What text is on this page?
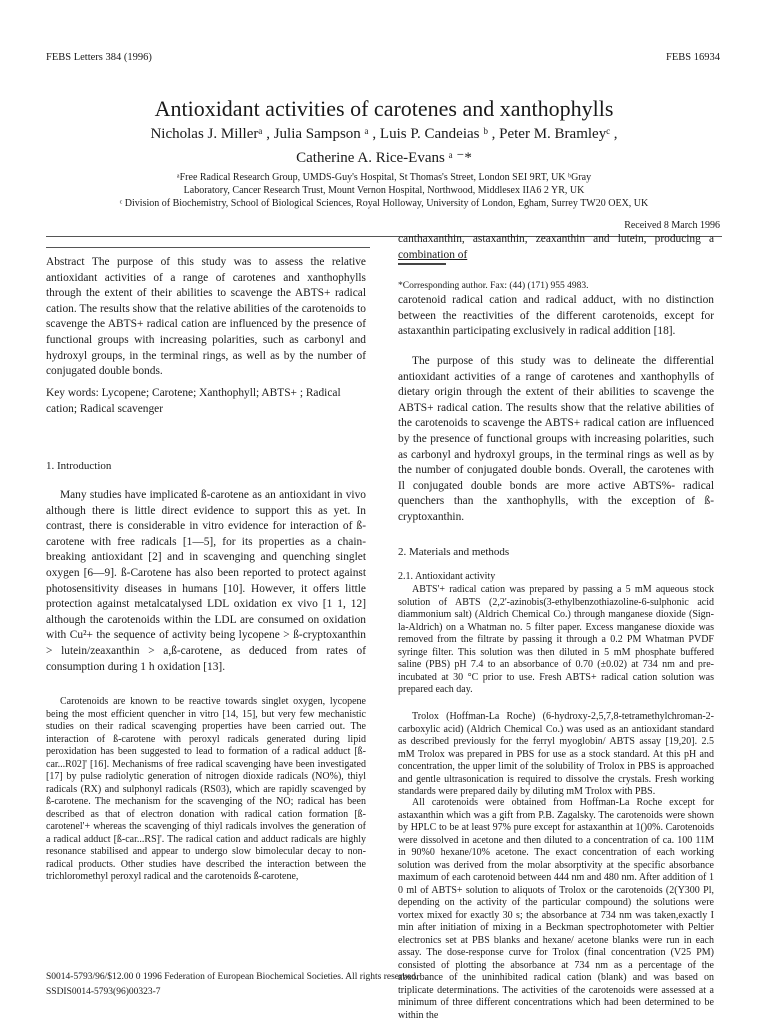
FEBS Letters 384 (1996)	FEBS 16934
Antioxidant activities of carotenes and xanthophylls
Nicholas J. Millerᵃ , Julia Sampson ᵃ , Luis P. Candeias ᵇ , Peter M. Bramleyᶜ ,
Catherine A. Rice-Evans ᵃ ⁻*
ᵃFree Radical Research Group, UMDS-Guy's Hospital, St Thomas's Street, London SEI 9RT, UK ᵇGray
Laboratory, Cancer Research Trust, Mount Vernon Hospital, Northwood, Middlesex IIA6 2 YR, UK
ᶜ Division of Biochemistry, School of Biological Sciences, Royal Holloway, University of London, Egham, Surrey TW20 OEX, UK
Received 8 March 1996
Abstract The purpose of this study was to assess the relative antioxidant activities of a range of carotenes and xanthophylls through the extent of their abilities to scavenge the ABTS+ radical cation. The results show that the relative abilities of the carotenoids to scavenge the ABTS+ radical cation are influenced by the presence of functional groups with increasing polarities, such as carbonyl and hydroxyl groups, in the terminal rings, as well as by the number of conjugated double bonds.
Key words: Lycopene; Carotene; Xanthophyll; ABTS+ ; Radical cation; Radical scavenger
1. Introduction
Many studies have implicated ß-carotene as an antioxidant in vivo although there is little direct evidence to support this as yet. In contrast, there is considerable in vitro evidence for interaction of ß-carotene with free radicals [1—5], for its properties as a chain-breaking antioxidant [2] and in scavenging and quenching singlet oxygen [6—9]. ß-Carotene has also been reported to protect against photosensitivity diseases in humans [10]. However, it offers little protection against metalcatalysed LDL oxidation ex vivo [1 1, 12] although the carotenoids within the LDL are consumed on oxidation with Cu²+ the sequence of activity being lycopene > ß-cryptoxanthin > lutein/zeaxanthin > a,ß-carotene, as deduced from rates of consumption during 1 h oxidation [13].
Carotenoids are known to be reactive towards singlet oxygen, lycopene being the most efficient quencher in vitro [14, 15], but very few mechanistic studies on their radical scavenging properties have been carried out. The interaction of ß-carotene with peroxyl radicals generated during lipid peroxidation has been suggested to lead to formation of a radical adduct [ß-car...R02]' [16]. Mechanisms of free radical scavenging have been investigated [17] by pulse radiolytic generation of nitrogen dioxide radicals (NO%), thiyl radicals (RX) and sulphonyl radicals (RS03), which are rapidly scavenged by ß-carotene. The mechanism for the scavenging of the NO; radical has been described as that of electron donation with radical cation formation [ß-carotenel'+ whereas the scavenging of thiyl radicals involves the generation of a radical adduct [ß-car...RS]'. The radical cation and adduct radicals are highly resonance stabilised and appear to undergo slow bimolecular decay to non-radical products. Other studies have described the interaction between the trichloromethyl peroxyl radical and the carotenoids ß-carotene,
canthaxanthin, astaxanthin, zeaxanthin and lutein, producing a combination of
*Corresponding author. Fax: (44) (171) 955 4983.
carotenoid radical cation and radical adduct, with no distinction between the reactivities of the different carotenoids, except for astaxanthin participating exclusively in radical addition [18].
The purpose of this study was to delineate the differential antioxidant activities of a range of carotenes and xanthophylls of dietary origin through the extent of their abilities to scavenge the ABTS+ radical cation. The results show that the relative abilities of the carotenoids to scavenge the ABTS+ radical cation are influenced by the presence of functional groups with increasing polarities, such as carbonyl and hydroxyl groups, in the terminal rings as well as by the number of conjugated double bonds. Overall, the carotenes with Il conjugated double bonds are more active ABTS%- radical quenchers than the xanthophylls, with the exception of ß-cryptoxanthin.
2. Materials and methods
2.1. Antioxidant activity
ABTS'+ radical cation was prepared by passing a 5 mM aqueous stock solution of ABTS (2,2'-azinobis(3-ethylbenzothiazoline-6-sulphonic acid diammonium salt) (Aldrich Chemical Co.) through manganese dioxide (Sign-la-Aldrich) on a Whatman no. 5 filter paper. Excess manganese dioxide was removed from the filtrate by passing it through a 0.2 PM Whatman PVDF syringe filter. This solution was then diluted in 5 mM phosphate buffered saline (PBS) pH 7.4 to an absorbance of 0.70 (±0.02) at 734 nm and pre-incubated at 30 °C prior to use. Fresh ABTS+ radical cation solution was prepared each day.
Trolox (Hoffman-La Roche) (6-hydroxy-2,5,7,8-tetramethylchroman-2-carboxylic acid) (Aldrich Chemical Co.) was used as an antioxidant standard as described previously for the ferryl myoglobin/ ABTS assay [19,20]. 2.5 mM Trolox was prepared in PBS for use as a stock standard. At this pH and concentration, the upper limit of the solubility of Trolox in PBS is approached and gentle ultrasonication is required to dissolve the crystals. Fresh working standards were prepared daily by diluting mM Trolox with PBS.
All carotenoids were obtained from Hoffman-La Roche except for astaxanthin which was a gift from P.B. Zagalsky. The carotenoids were shown by HPLC to be at least 97% pure except for astaxanthin at 1()0%. Carotenoids were dissolved in acetone and then diluted to a concentration of ca. 100 11M in 90%0 hexane/10% acetone. The exact concentration of each working solution was derived from the molar absorptivity at the specific absorbance maximum of each carotenoid between 444 nm and 480 nm. After addition of 1 0 ml of ABTS+ solution to aliquots of Trolox or the carotenoids (2(Y300 Pl, depending on the activity of the particular compound) the solutions were vortex mixed for exactly 30 s; the absorbance at 734 nm was taken,exactly I min after initiation of mixing in a Beckman spectrophotometer with Peltier electronics set at PBS blanks and hexane/ acetone blanks were run in each assay. The dose-response curve for Trolox (final concentration (V25 PM) consisted of plotting the absorbance at 734 nm as a percentage of the absorbance of the uninhibited radical cation (blank) and was based on triplicate determinations. The activities of the carotenoids were assessed at a minimum of three different concentrations which had been determined to be within the
S0014-5793/96/$12.00 0 1996 Federation of European Biochemical Societies. All rights reserved.
SSDIS0014-5793(96)00323-7
